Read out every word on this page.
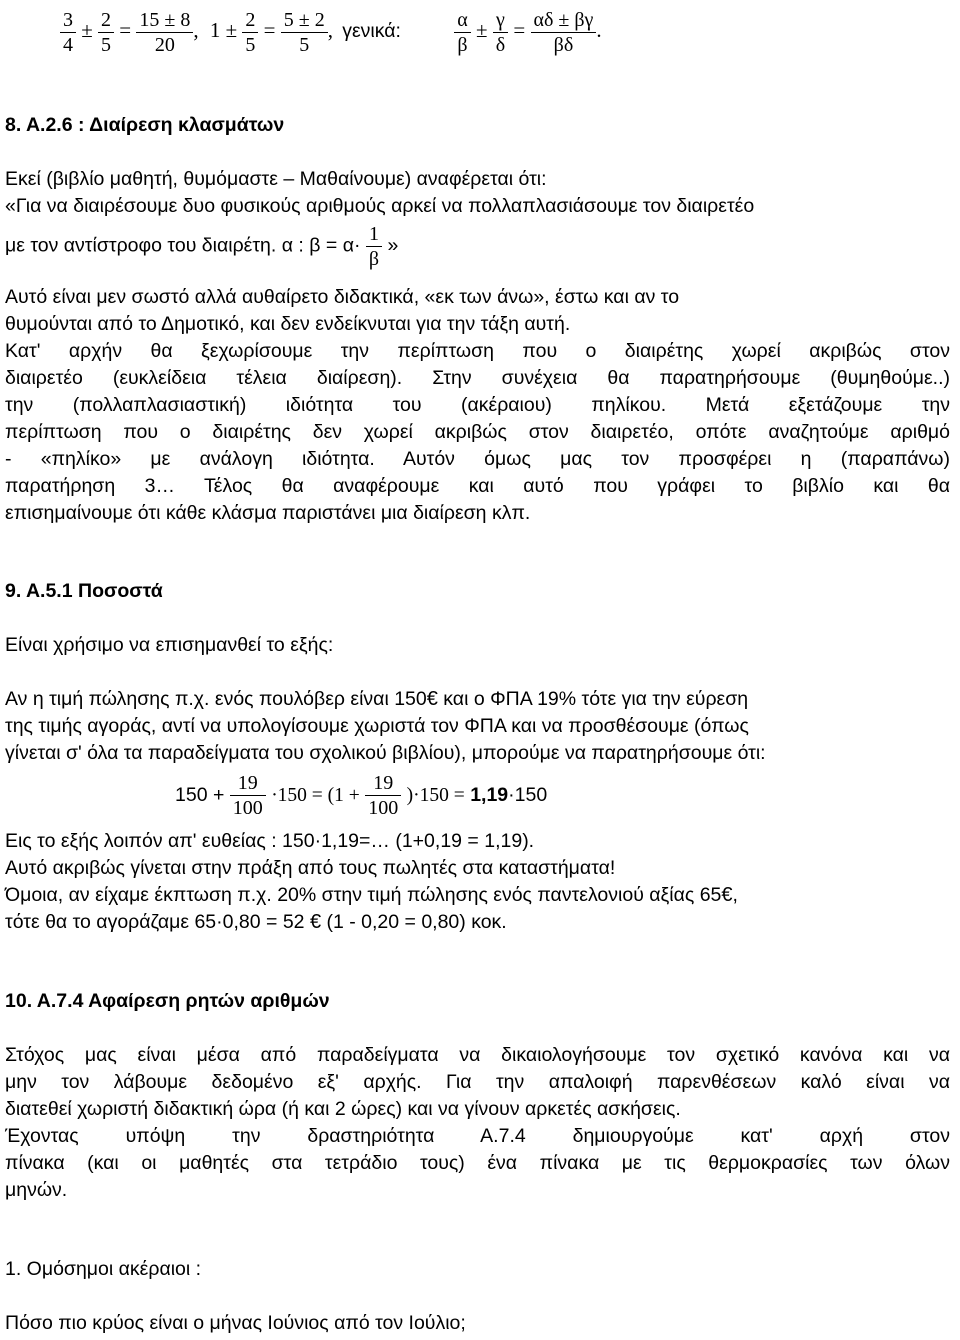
$\frac{3}{4} \pm \frac{2}{5} = \frac{15 \pm 8}{20}$ , $1 \pm \frac{2}{5} = \frac{5 \pm 2}{5}$ , γενικά:	$\frac{\alpha}{\beta} \pm \frac{\gamma}{\delta} = \frac{\alpha\delta \pm \beta\gamma}{\beta\delta}$ .

8. Α.2.6 : Διαίρεση κλασμάτων

Εκεί (βιβλίο μαθητή, θυμόμαστε – Μαθαίνουμε) αναφέρεται ότι:

«Για να διαιρέσουμε δυο φυσικούς αριθμούς αρκεί να πολλαπλασιάσουμε τον διαιρετέο

με τον αντίστροφο του διαιρέτη. α : $\beta = \alpha\cdot \frac{1}{\beta}$ »

Αυτό είναι μεν σωστό αλλά αυθαίρετο διδακτικά, «εκ των άνω», έστω και αν το

θυμούνται από το Δημοτικό, και δεν ενδείκνυται για την τάξη αυτή.

Κατ' αρχήν θα ξεχωρίσουμε την περίπτωση που ο διαιρέτης χωρεί ακριβώς στον

διαιρετέο (ευκλείδεια τέλεια διαίρεση). Στην συνέχεια θα παρατηρήσουμε (θυμηθούμε..)

την (πολλαπλασιαστική) ιδιότητα του (ακέραιου) πηλίκου. Μετά εξετάζουμε την

περίπτωση που ο διαιρέτης δεν χωρεί ακριβώς στον διαιρετέο, οπότε αναζητούμε αριθμό

- «πηλίκο» με ανάλογη ιδιότητα. Αυτόν όμως μας τον προσφέρει η (παραπάνω)

παρατήρηση 3… Τέλος θα αναφέρουμε και αυτό που γράφει το βιβλίο και θα

επισημαίνουμε ότι κάθε κλάσμα παριστάνει μια διαίρεση κλπ.

9. Α.5.1 Ποσοστά

Είναι χρήσιμο να επισημανθεί το εξής:

Αν η τιμή πώλησης π.χ. ενός πουλόβερ είναι 150€ και ο ΦΠΑ 19% τότε για την εύρεση

της τιμής αγοράς, αντί να υπολογίσουμε χωριστά τον ΦΠΑ και να προσθέσουμε (όπως

γίνεται σ' όλα τα παραδείγματα του σχολικού βιβλίου), μπορούμε να παρατηρήσουμε ότι:

$150 + \frac{19}{100} \cdot 150 = (1 + \frac{19}{100} )\cdot 150 = 1,19\cdot 150$

Εις το εξής λοιπόν απ' ευθείας : 150·1,19=… (1+0,19 = 1,19).

Αυτό ακριβώς γίνεται στην πράξη από τους πωλητές στα καταστήματα!

Όμοια, αν είχαμε έκπτωση π.χ. 20% στην τιμή πώλησης ενός παντελονιού αξίας 65€,

τότε θα το αγοράζαμε 65·0,80 = 52 € (1 - 0,20 = 0,80) κοκ.

10. Α.7.4 Αφαίρεση ρητών αριθμών

Στόχος μας είναι μέσα από παραδείγματα να δικαιολογήσουμε τον σχετικό κανόνα και να

μην τον λάβουμε δεδομένο εξ' αρχής. Για την απαλοιφή παρενθέσεων καλό είναι να

διατεθεί χωριστή διδακτική ώρα (ή και 2 ώρες) και να γίνουν αρκετές ασκήσεις.

Έχοντας υπόψη την δραστηριότητα Α.7.4 δημιουργούμε κατ' αρχή στον

πίνακα (και οι μαθητές στα τετράδιο τους) ένα πίνακα με τις θερμοκρασίες των όλων

μηνών.

1. Ομόσημοι ακέραιοι :

Πόσο πιο κρύος είναι ο μήνας Ιούνιος από τον Ιούλιο;
